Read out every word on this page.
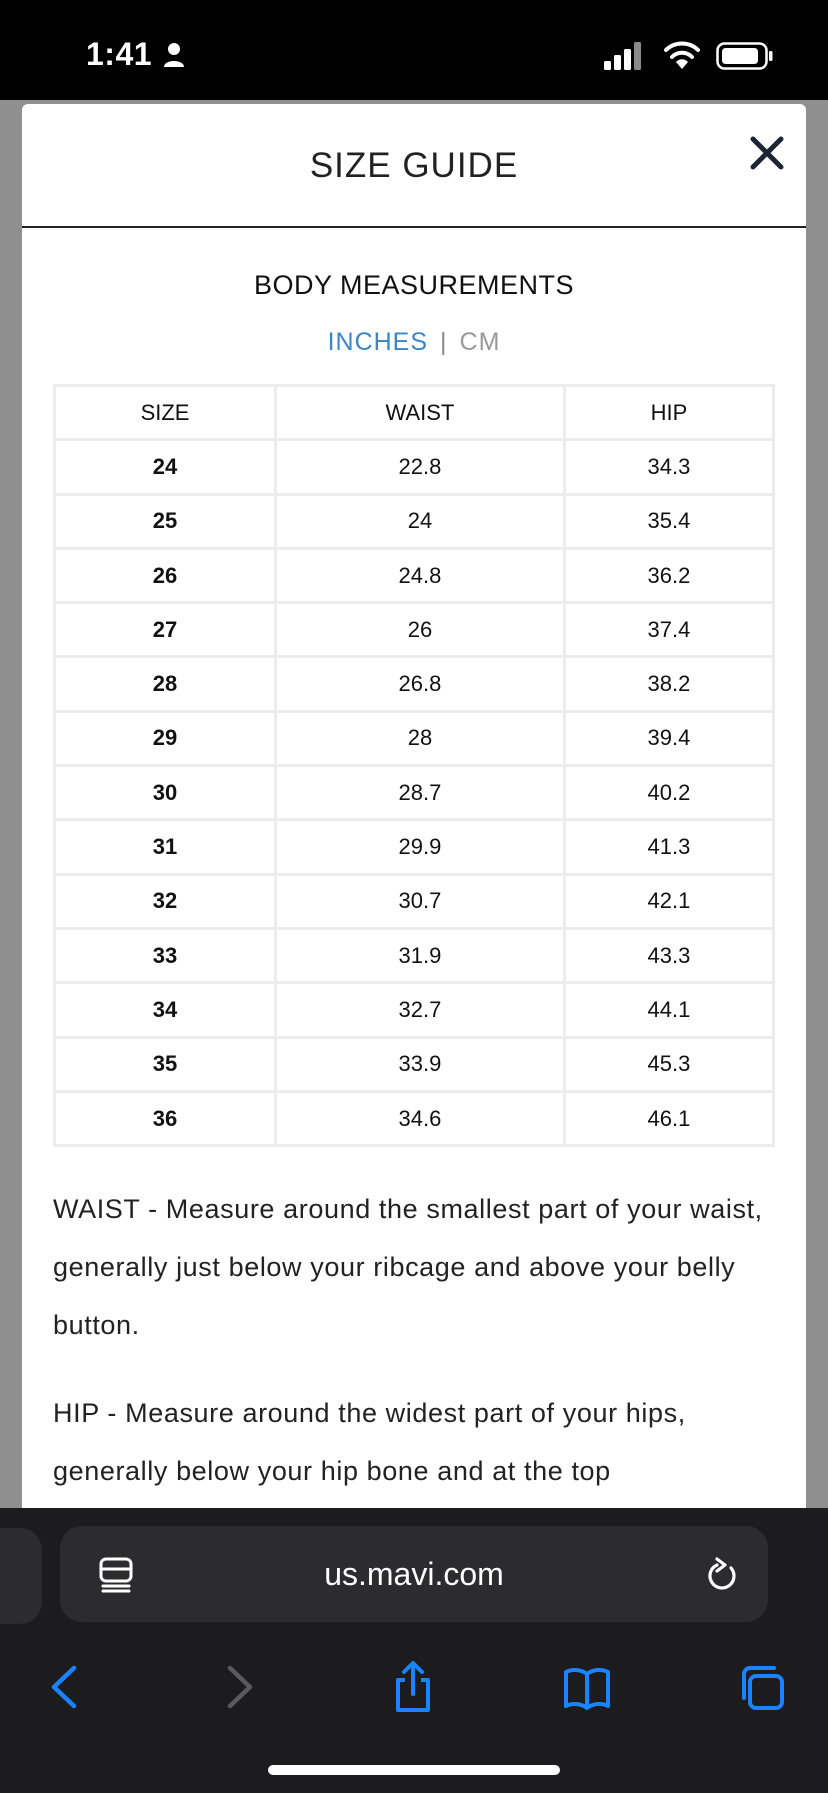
1:41
SIZE GUIDE
BODY MEASUREMENTS
INCHES | CM
SIZE	WAIST	HIP
24	22.8	34.3
25	24	35.4
26	24.8	36.2
27	26	37.4
28	26.8	38.2
29	28	39.4
30	28.7	40.2
31	29.9	41.3
32	30.7	42.1
33	31.9	43.3
34	32.7	44.1
35	33.9	45.3
36	34.6	46.1
WAIST - Measure around the smallest part of your waist, generally just below your ribcage and above your belly button.
HIP - Measure around the widest part of your hips, generally below your hip bone and at the top
us.mavi.com
